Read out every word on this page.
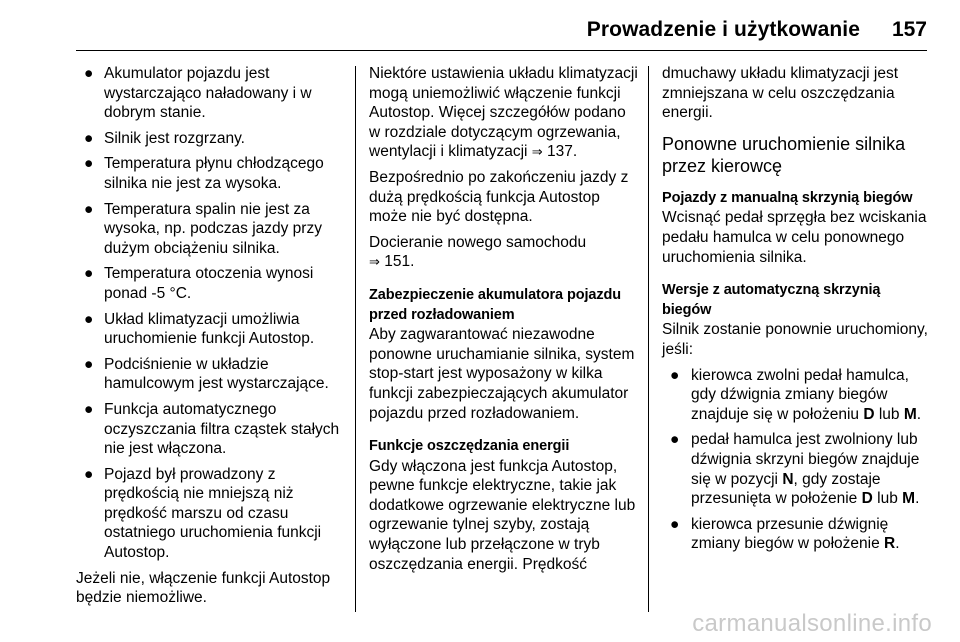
Prowadzenie i użytkowanie 157
● Akumulator pojazdu jest wystarczająco naładowany i w dobrym stanie.
● Silnik jest rozgrzany.
● Temperatura płynu chłodzącego silnika nie jest za wysoka.
● Temperatura spalin nie jest za wysoka, np. podczas jazdy przy dużym obciążeniu silnika.
● Temperatura otoczenia wynosi ponad -5 °C.
● Układ klimatyzacji umożliwia uruchomienie funkcji Autostop.
● Podciśnienie w układzie hamulcowym jest wystarczające.
● Funkcja automatycznego oczyszczania filtra cząstek stałych nie jest włączona.
● Pojazd był prowadzony z prędkością nie mniejszą niż prędkość marszu od czasu ostatniego uruchomienia funkcji Autostop.

Jeżeli nie, włączenie funkcji Autostop będzie niemożliwe.

Niektóre ustawienia układu klimatyzacji mogą uniemożliwić włączenie funkcji Autostop. Więcej szczegółów podano w rozdziale dotyczącym ogrzewania, wentylacji i klimatyzacji ⇒ 137.

Bezpośrednio po zakończeniu jazdy z dużą prędkością funkcja Autostop może nie być dostępna.

Docieranie nowego samochodu
⇒ 151.

Zabezpieczenie akumulatora pojazdu przed rozładowaniem

Aby zagwarantować niezawodne ponowne uruchamianie silnika, system stop-start jest wyposażony w kilka funkcji zabezpieczających akumulator pojazdu przed rozładowaniem.

Funkcje oszczędzania energii

Gdy włączona jest funkcja Autostop, pewne funkcje elektryczne, takie jak dodatkowe ogrzewanie elektryczne lub ogrzewanie tylnej szyby, zostają wyłączone lub przełączone w tryb oszczędzania energii. Prędkość

dmuchawy układu klimatyzacji jest zmniejszana w celu oszczędzania energii.

Ponowne uruchomienie silnika przez kierowcę
Pojazdy z manualną skrzynią biegów

Wcisnąć pedał sprzęgła bez wciskania pedału hamulca w celu ponownego uruchomienia silnika.

Wersje z automatyczną skrzynią biegów

Silnik zostanie ponownie uruchomiony, jeśli:

● kierowca zwolni pedał hamulca, gdy dźwignia zmiany biegów znajduje się w położeniu D lub M.
● pedał hamulca jest zwolniony lub dźwignia skrzyni biegów znajduje się w pozycji N, gdy zostaje przesunięta w położenie D lub M.
● kierowca przesunie dźwignię zmiany biegów w położenie R.
carmanualsonline.info
